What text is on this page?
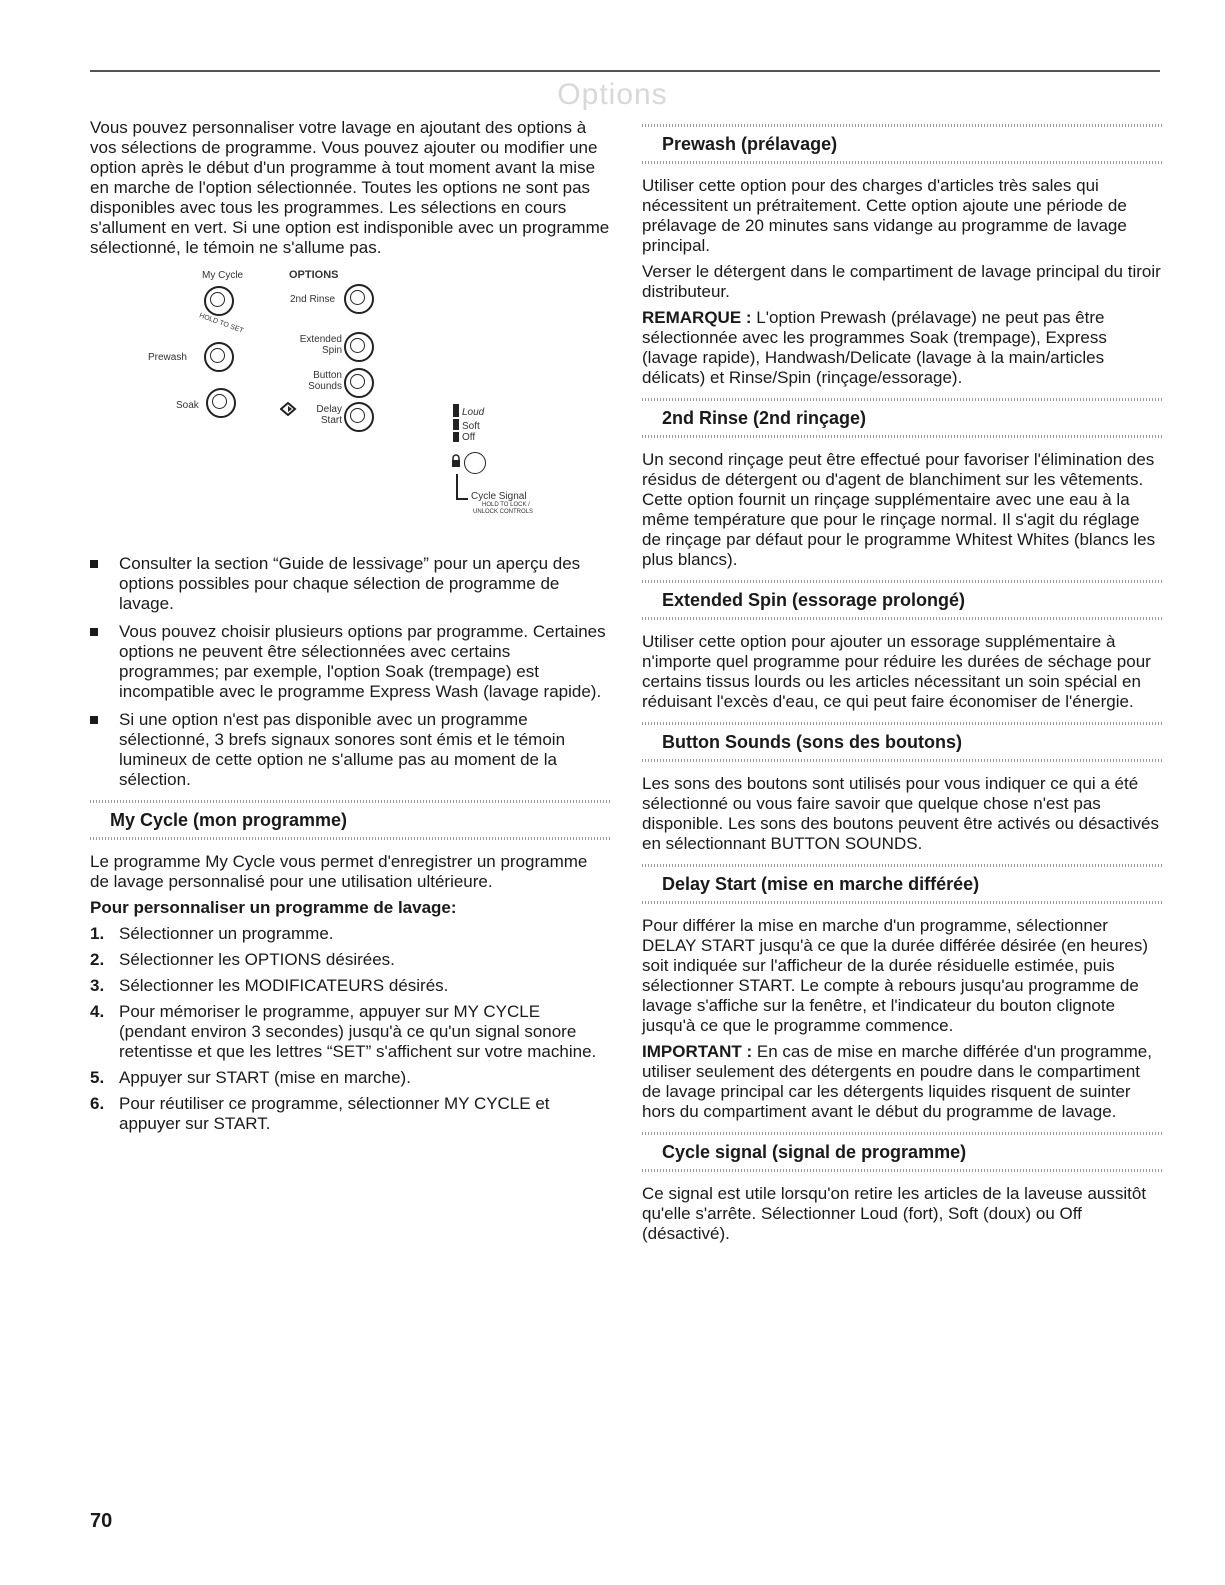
Options

Vous pouvez personnaliser votre lavage en ajoutant des options à vos sélections de programme. Vous pouvez ajouter ou modifier une option après le début d'un programme à tout moment avant la mise en marche de l'option sélectionnée. Toutes les options ne sont pas disponibles avec tous les programmes. Les sélections en cours s'allument en vert. Si une option est indisponible avec un programme sélectionné, le témoin ne s'allume pas.

My Cycle
HOLD TO SET
Prewash
Soak
OPTIONS
2nd Rinse
Extended
Spin
Button
Sounds
Delay
Start
Loud
Soft
Off
Cycle Signal
HOLD TO LOCK /
UNLOCK CONTROLS
Consulter la section “Guide de lessivage” pour un aperçu des options possibles pour chaque sélection de programme de lavage.
Vous pouvez choisir plusieurs options par programme. Certaines options ne peuvent être sélectionnées avec certains programmes; par exemple, l'option Soak (trempage) est incompatible avec le programme Express Wash (lavage rapide).
Si une option n'est pas disponible avec un programme sélectionné, 3 brefs signaux sonores sont émis et le témoin lumineux de cette option ne s'allume pas au moment de la sélection.
My Cycle (mon programme)

Le programme My Cycle vous permet d'enregistrer un programme de lavage personnalisé pour une utilisation ultérieure.

Pour personnaliser un programme de lavage:

1. Sélectionner un programme.
2. Sélectionner les OPTIONS désirées.
3. Sélectionner les MODIFICATEURS désirés.
4. Pour mémoriser le programme, appuyer sur MY CYCLE (pendant environ 3 secondes) jusqu'à ce qu'un signal sonore retentisse et que les lettres “SET” s'affichent sur votre machine.
5. Appuyer sur START (mise en marche).
6. Pour réutiliser ce programme, sélectionner MY CYCLE et appuyer sur START.
Prewash (prélavage)

Utiliser cette option pour des charges d'articles très sales qui nécessitent un prétraitement. Cette option ajoute une période de prélavage de 20 minutes sans vidange au programme de lavage principal.

Verser le détergent dans le compartiment de lavage principal du tiroir distributeur.

REMARQUE : L'option Prewash (prélavage) ne peut pas être sélectionnée avec les programmes Soak (trempage), Express (lavage rapide), Handwash/Delicate (lavage à la main/articles délicats) et Rinse/Spin (rinçage/essorage).

2nd Rinse (2nd rinçage)

Un second rinçage peut être effectué pour favoriser l'élimination des résidus de détergent ou d'agent de blanchiment sur les vêtements. Cette option fournit un rinçage supplémentaire avec une eau à la même température que pour le rinçage normal. Il s'agit du réglage de rinçage par défaut pour le programme Whitest Whites (blancs les plus blancs).

Extended Spin (essorage prolongé)

Utiliser cette option pour ajouter un essorage supplémentaire à n'importe quel programme pour réduire les durées de séchage pour certains tissus lourds ou les articles nécessitant un soin spécial en réduisant l'excès d'eau, ce qui peut faire économiser de l'énergie.

Button Sounds (sons des boutons)

Les sons des boutons sont utilisés pour vous indiquer ce qui a été sélectionné ou vous faire savoir que quelque chose n'est pas disponible. Les sons des boutons peuvent être activés ou désactivés en sélectionnant BUTTON SOUNDS.

Delay Start (mise en marche différée)

Pour différer la mise en marche d'un programme, sélectionner DELAY START jusqu'à ce que la durée différée désirée (en heures) soit indiquée sur l'afficheur de la durée résiduelle estimée, puis sélectionner START. Le compte à rebours jusqu'au programme de lavage s'affiche sur la fenêtre, et l'indicateur du bouton clignote jusqu'à ce que le programme commence.

IMPORTANT : En cas de mise en marche différée d'un programme, utiliser seulement des détergents en poudre dans le compartiment de lavage principal car les détergents liquides risquent de suinter hors du compartiment avant le début du programme de lavage.

Cycle signal (signal de programme)

Ce signal est utile lorsqu'on retire les articles de la laveuse aussitôt qu'elle s'arrête. Sélectionner Loud (fort), Soft (doux) ou Off (désactivé).

70
